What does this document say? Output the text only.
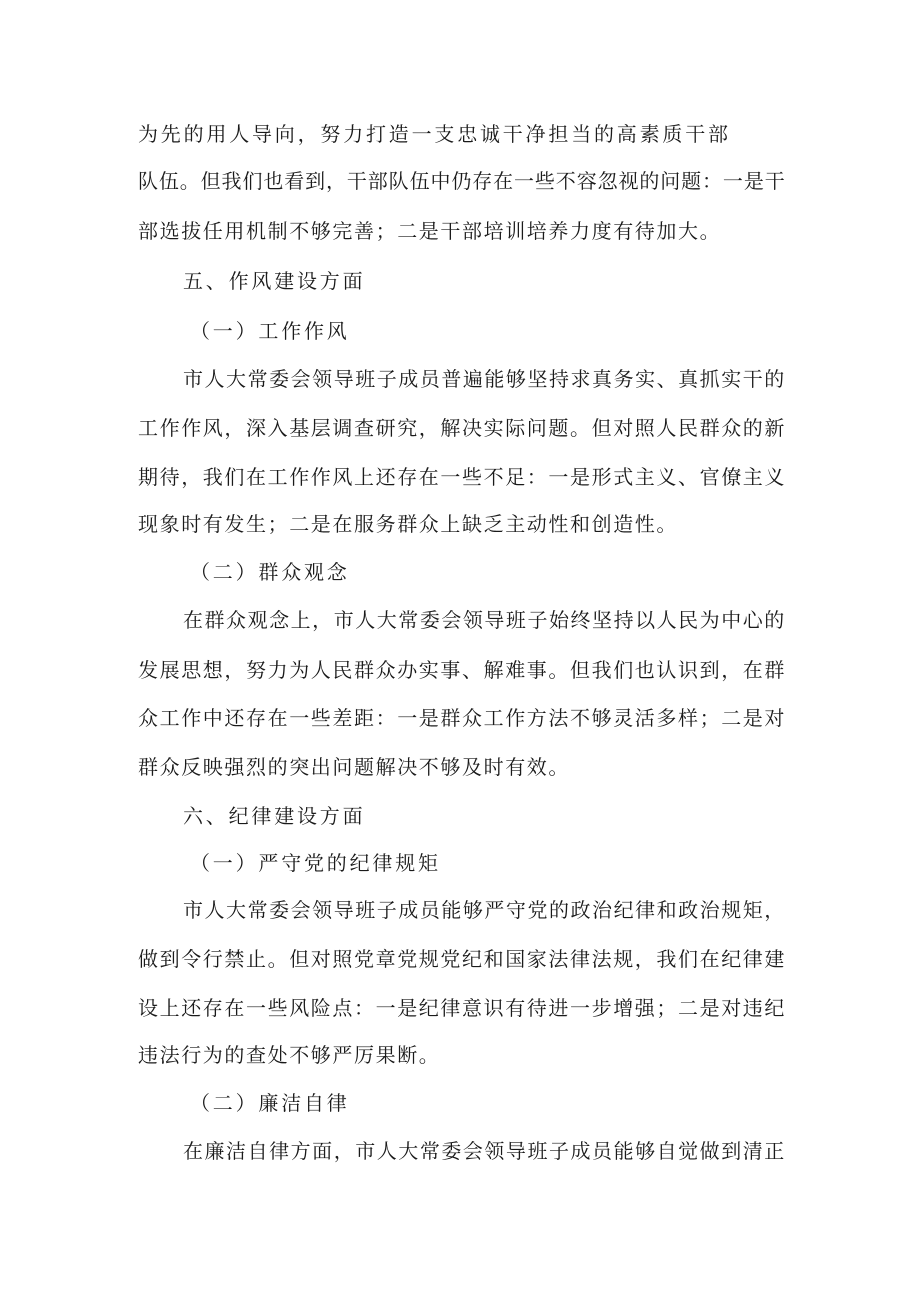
为先的用人导向，努力打造一支忠诚干净担当的高素质干部
队伍。但我们也看到，干部队伍中仍存在一些不容忽视的问题：一是干
部选拔任用机制不够完善；二是干部培训培养力度有待加大。
五、作风建设方面
（一）工作作风
市人大常委会领导班子成员普遍能够坚持求真务实、真抓实干的
工作作风，深入基层调查研究，解决实际问题。但对照人民群众的新
期待，我们在工作作风上还存在一些不足：一是形式主义、官僚主义
现象时有发生；二是在服务群众上缺乏主动性和创造性。
（二）群众观念
在群众观念上，市人大常委会领导班子始终坚持以人民为中心的
发展思想，努力为人民群众办实事、解难事。但我们也认识到，在群
众工作中还存在一些差距：一是群众工作方法不够灵活多样；二是对
群众反映强烈的突出问题解决不够及时有效。
六、纪律建设方面
（一）严守党的纪律规矩
市人大常委会领导班子成员能够严守党的政治纪律和政治规矩，
做到令行禁止。但对照党章党规党纪和国家法律法规，我们在纪律建
设上还存在一些风险点：一是纪律意识有待进一步增强；二是对违纪
违法行为的查处不够严厉果断。
（二）廉洁自律
在廉洁自律方面，市人大常委会领导班子成员能够自觉做到清正
